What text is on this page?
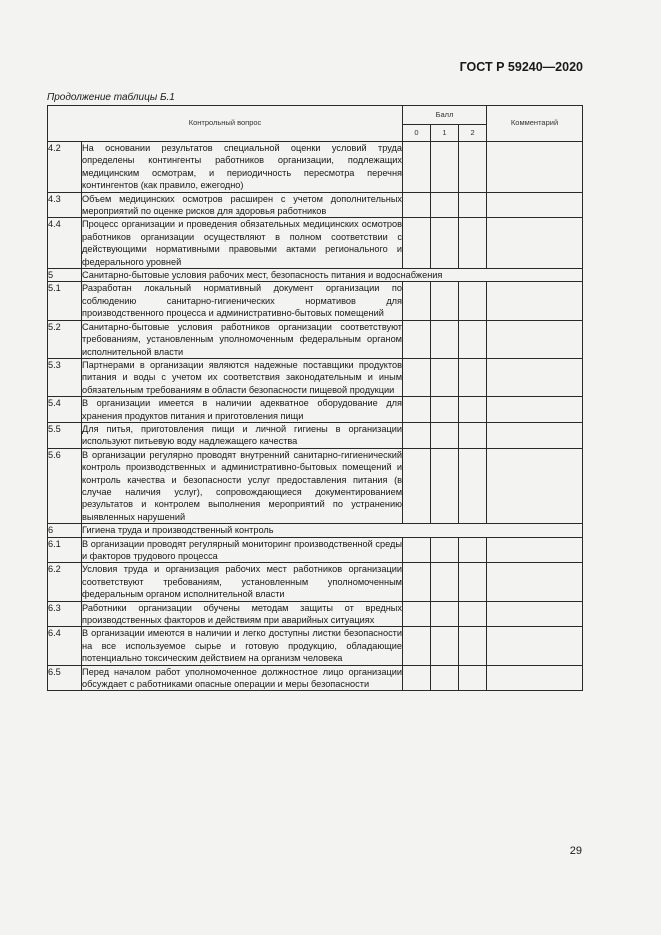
ГОСТ Р 59240—2020
Продолжение таблицы Б.1
Контрольный вопрос		Балл			Комментарий
		0	1	2	
4.2	На основании результатов специальной оценки условий труда определены контингенты работников организации, подлежащих медицинским осмотрам, и периодичность пересмотра перечня контингентов (как правило, ежегодно)				
4.3	Объем медицинских осмотров расширен с учетом дополнительных мероприятий по оценке рисков для здоровья работников				
4.4	Процесс организации и проведения обязательных медицинских осмотров работников организации осуществляют в полном соответствии с действующими нормативными правовыми актами регионального и федерального уровней				
5	Санитарно-бытовые условия рабочих мест, безопасность питания и водоснабжения				
5.1	Разработан локальный нормативный документ организации по соблюдению санитарно-гигиенических нормативов для производственного процесса и административно-бытовых помещений				
5.2	Санитарно-бытовые условия работников организации соответствуют требованиям, установленным уполномоченным федеральным органом исполнительной власти				
5.3	Партнерами в организации являются надежные поставщики продуктов питания и воды с учетом их соответствия законодательным и иным обязательным требованиям в области безопасности пищевой продукции				
5.4	В организации имеется в наличии адекватное оборудование для хранения продуктов питания и приготовления пищи				
5.5	Для питья, приготовления пищи и личной гигиены в организации используют питьевую воду надлежащего качества				
5.6	В организации регулярно проводят внутренний санитарно-гигиенический контроль производственных и административно-бытовых помещений и контроль качества и безопасности услуг предоставления питания (в случае наличия услуг), сопровождающиеся документированием результатов и контролем выполнения мероприятий по устранению выявленных нарушений				
6	Гигиена труда и производственный контроль				
6.1	В организации проводят регулярный мониторинг производственной среды и факторов трудового процесса				
6.2	Условия труда и организация рабочих мест работников организации соответствуют требованиям, установленным уполномоченным федеральным органом исполнительной власти				
6.3	Работники организации обучены методам защиты от вредных производственных факторов и действиям при аварийных ситуациях				
6.4	В организации имеются в наличии и легко доступны листки безопасности на все используемое сырье и готовую продукцию, обладающие потенциально токсическим действием на организм человека				
6.5	Перед началом работ уполномоченное должностное лицо организации обсуждает с работниками опасные операции и меры безопасности				
29
